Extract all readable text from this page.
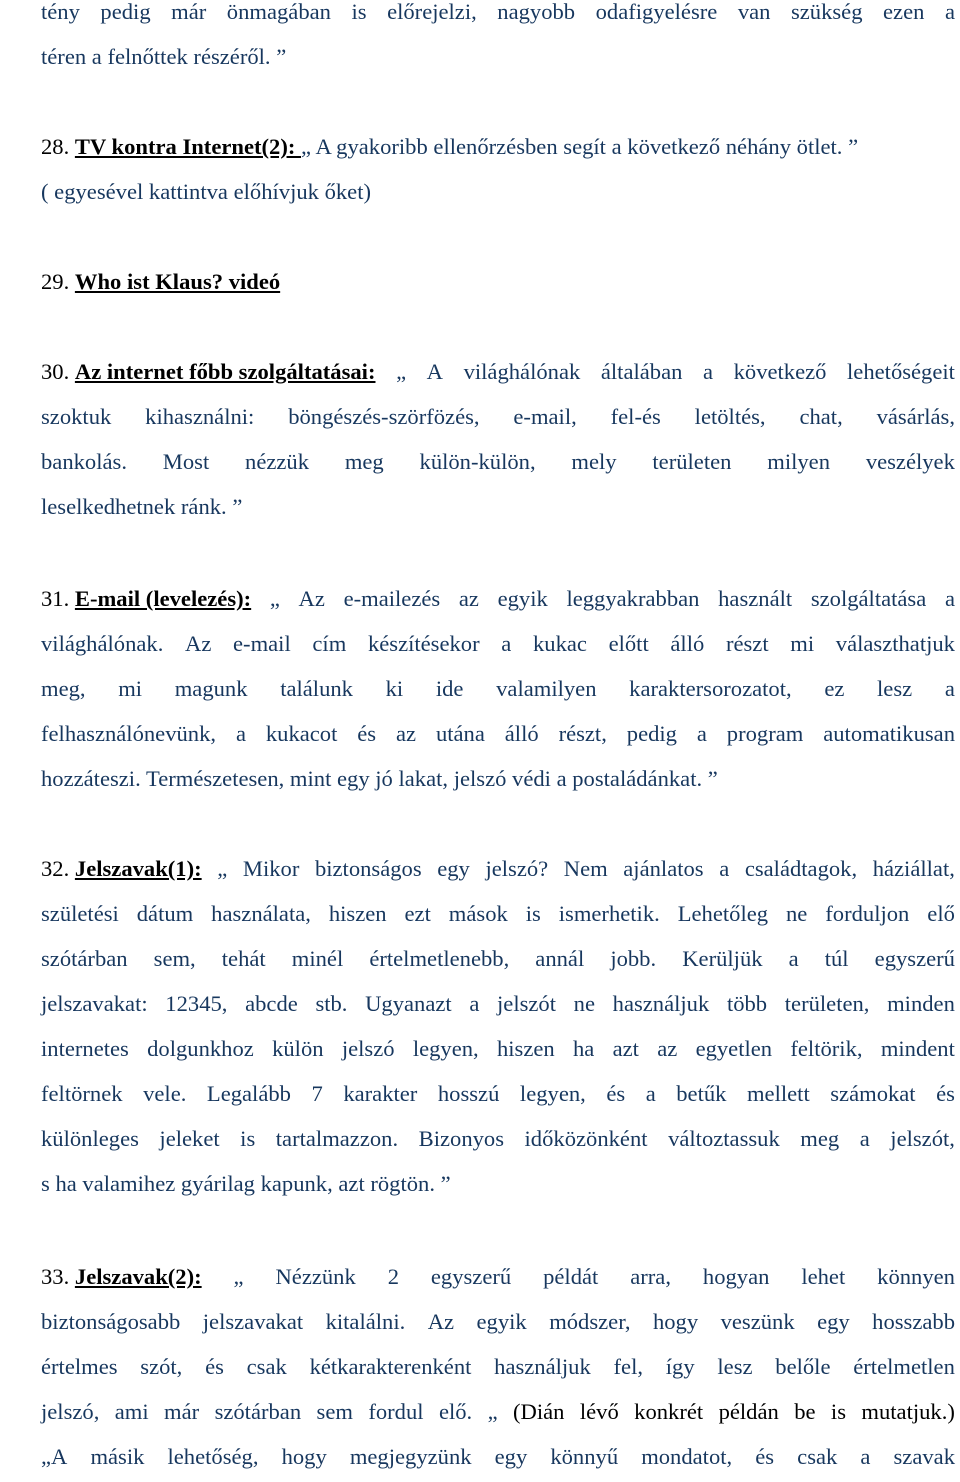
tény pedig már önmagában is előrejelzi, nagyobb odafigyelésre van szükség ezen a
téren a felnőttek részéről. ”
28. TV kontra Internet(2): „ A gyakoribb ellenőrzésben segít a következő néhány ötlet. ”
( egyesével kattintva előhívjuk őket)
29. Who ist Klaus? videó
30. Az internet főbb szolgáltatásai: „ A világhálónak általában a következő lehetőségeit
szoktuk kihasználni: böngészés-szörfözés, e-mail, fel-és letöltés, chat, vásárlás,
bankolás. Most nézzük meg külön-külön, mely területen milyen veszélyek
leselkedhetnek ránk. ”
31. E-mail (levelezés): „ Az e-mailezés az egyik leggyakrabban használt szolgáltatása a
világhálónak. Az e-mail cím készítésekor a kukac előtt álló részt mi választhatjuk
meg, mi magunk találunk ki ide valamilyen karaktersorozatot, ez lesz a
felhasználónevünk, a kukacot és az utána álló részt, pedig a program automatikusan
hozzáteszi. Természetesen, mint egy jó lakat, jelszó védi a postaládánkat. ”
32. Jelszavak(1): „ Mikor biztonságos egy jelszó? Nem ajánlatos a családtagok, háziállat,
születési dátum használata, hiszen ezt mások is ismerhetik. Lehetőleg ne forduljon elő
szótárban sem, tehát minél értelmetlenebb, annál jobb. Kerüljük a túl egyszerű
jelszavakat: 12345, abcde stb. Ugyanazt a jelszót ne használjuk több területen, minden
internetes dolgunkhoz külön jelszó legyen, hiszen ha azt az egyetlen feltörik, mindent
feltörnek vele. Legalább 7 karakter hosszú legyen, és a betűk mellett számokat és
különleges jeleket is tartalmazzon. Bizonyos időközönként változtassuk meg a jelszót,
s ha valamihez gyárilag kapunk, azt rögtön. ”
33. Jelszavak(2): „ Nézzünk 2 egyszerű példát arra, hogyan lehet könnyen
biztonságosabb jelszavakat kitalálni. Az egyik módszer, hogy veszünk egy hosszabb
értelmes szót, és csak kétkarakterenként használjuk fel, így lesz belőle értelmetlen
jelszó, ami már szótárban sem fordul elő. „ (Dián lévő konkrét példán be is mutatjuk.)
„A másik lehetőség, hogy megjegyzünk egy könnyű mondatot, és csak a szavak
